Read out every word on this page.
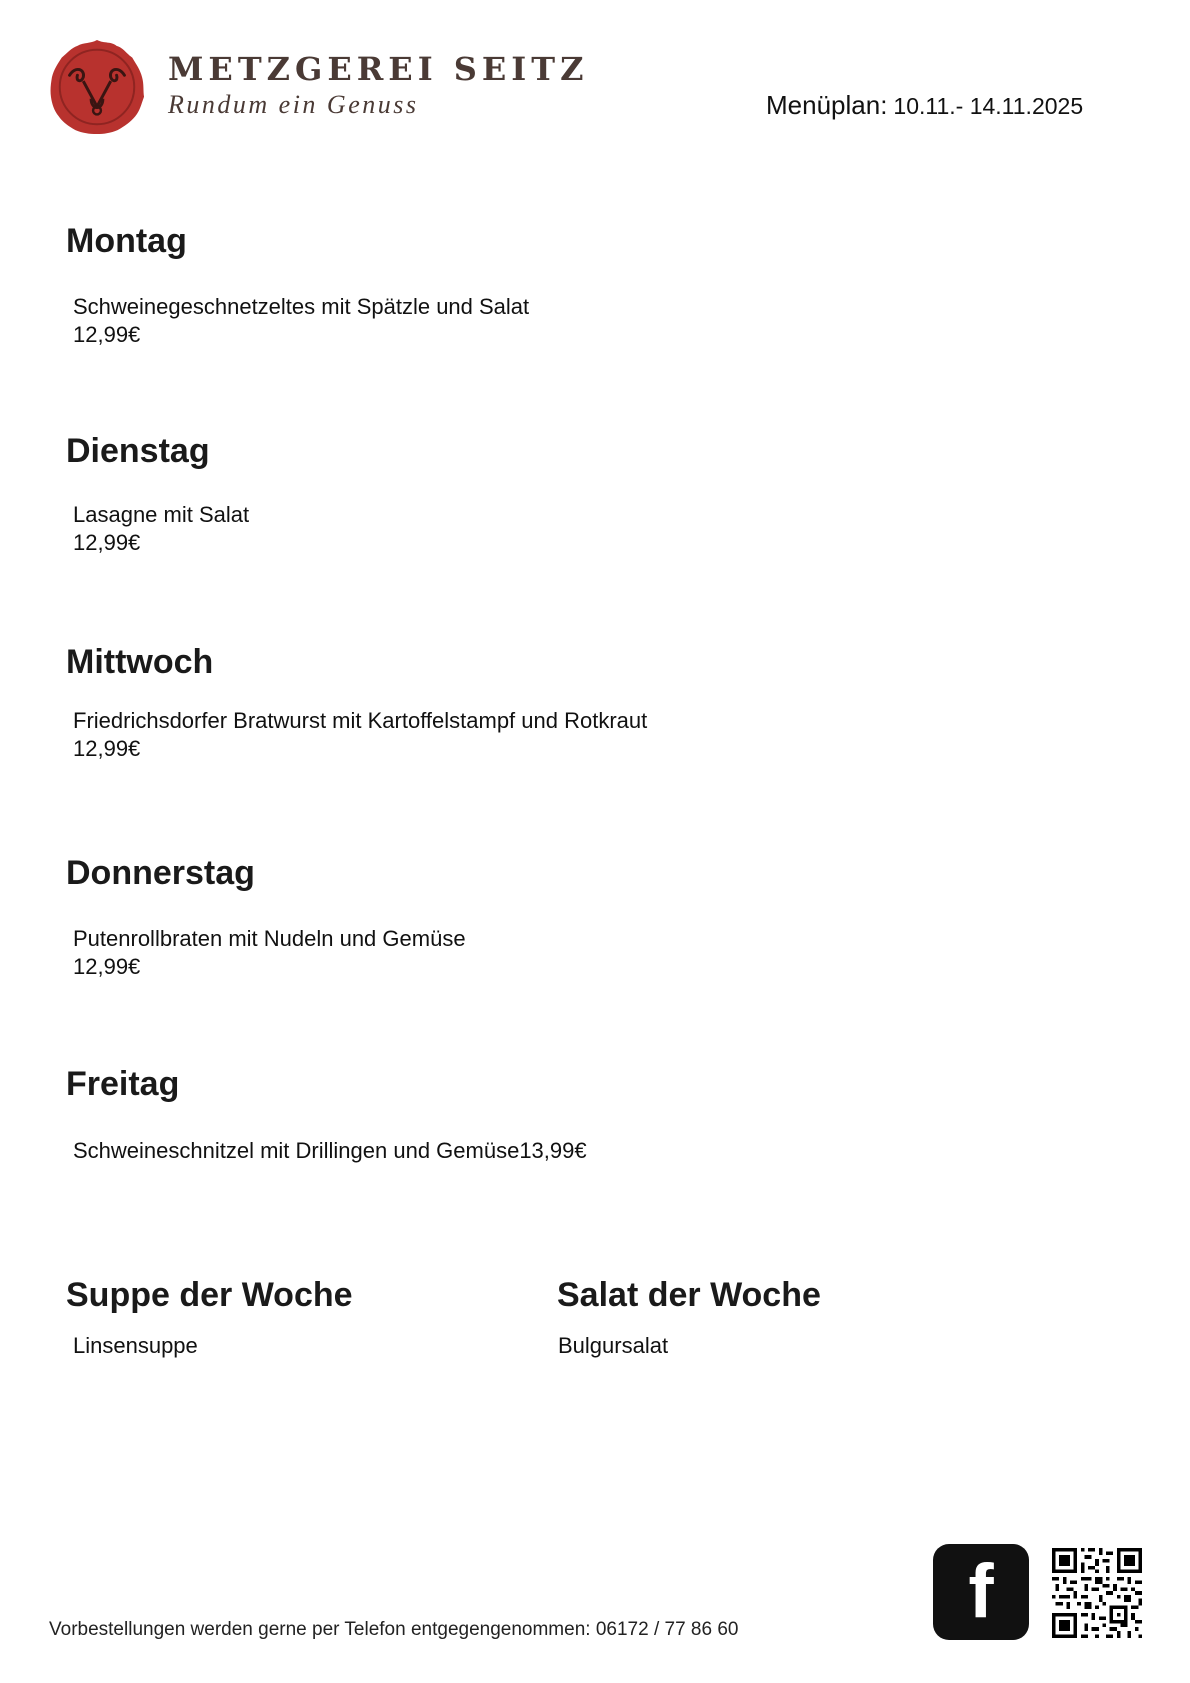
METZGEREI SEITZ
Rundum ein Genuss	Menüplan: 10.11.- 14.11.2025
Montag
Schweinegeschnetzeltes mit Spätzle und Salat
12,99€
Dienstag
Lasagne mit Salat
12,99€
Mittwoch
Friedrichsdorfer Bratwurst mit Kartoffelstampf und Rotkraut
12,99€
Donnerstag
Putenrollbraten mit Nudeln und Gemüse
12,99€
Freitag
Schweineschnitzel mit Drillingen und Gemüse13,99€
Suppe der Woche
Linsensuppe
Salat der Woche
Bulgursalat
Vorbestellungen werden gerne per Telefon entgegengenommen: 06172 / 77 86 60	f
